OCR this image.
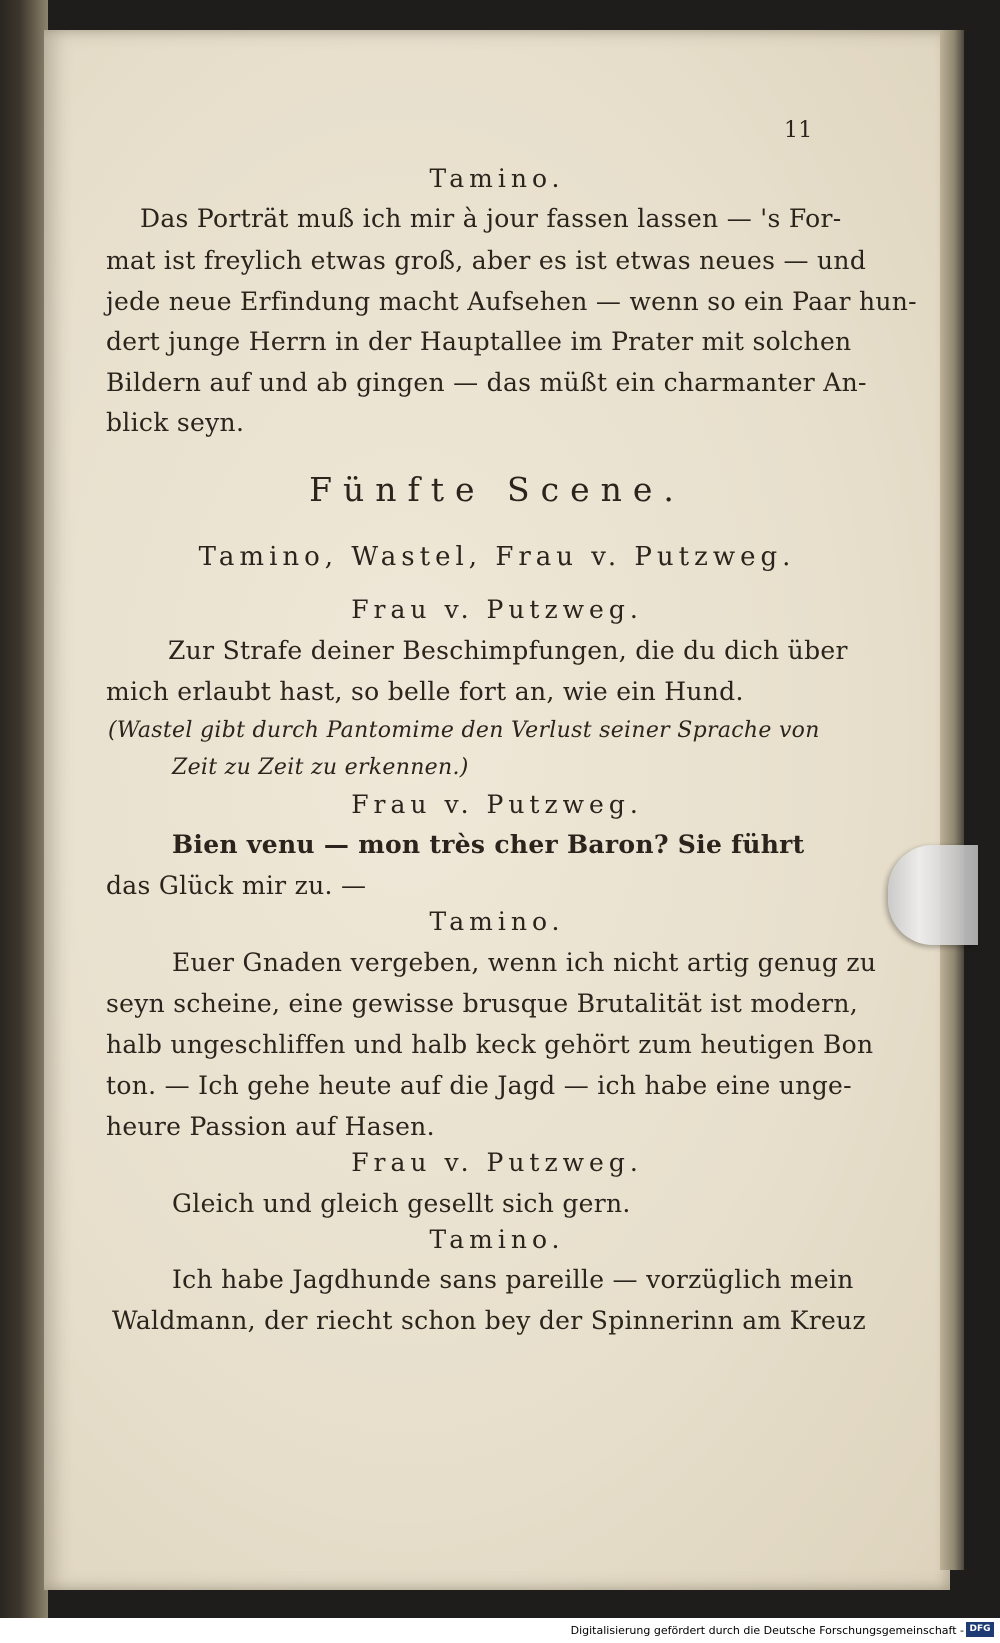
11
Tamino.
Das Porträt muß ich mir à jour fassen lassen — 's For-
mat ist freylich etwas groß, aber es ist etwas neues — und
jede neue Erfindung macht Aufsehen — wenn so ein Paar hun-
dert junge Herrn in der Hauptallee im Prater mit solchen
Bildern auf und ab gingen — das müßt ein charmanter An-
blick seyn.
Fünfte Scene.
Tamino, Wastel, Frau v. Putzweg.
Frau v. Putzweg.
Zur Strafe deiner Beschimpfungen, die du dich über
mich erlaubt hast, so belle fort an, wie ein Hund.
(Wastel gibt durch Pantomime den Verlust seiner Sprache von
Zeit zu Zeit zu erkennen.)
Frau v. Putzweg.
Bien venu — mon très cher Baron? Sie führt
das Glück mir zu. —
Tamino.
Euer Gnaden vergeben, wenn ich nicht artig genug zu
seyn scheine, eine gewisse brusque Brutalität ist modern,
halb ungeschliffen und halb keck gehört zum heutigen Bon
ton. — Ich gehe heute auf die Jagd — ich habe eine unge-
heure Passion auf Hasen.
Frau v. Putzweg.
Gleich und gleich gesellt sich gern.
Tamino.
Ich habe Jagdhunde sans pareille — vorzüglich mein
Waldmann, der riecht schon bey der Spinnerinn am Kreuz
Digitalisierung gefördert durch die Deutsche Forschungsgemeinschaft - DFG
